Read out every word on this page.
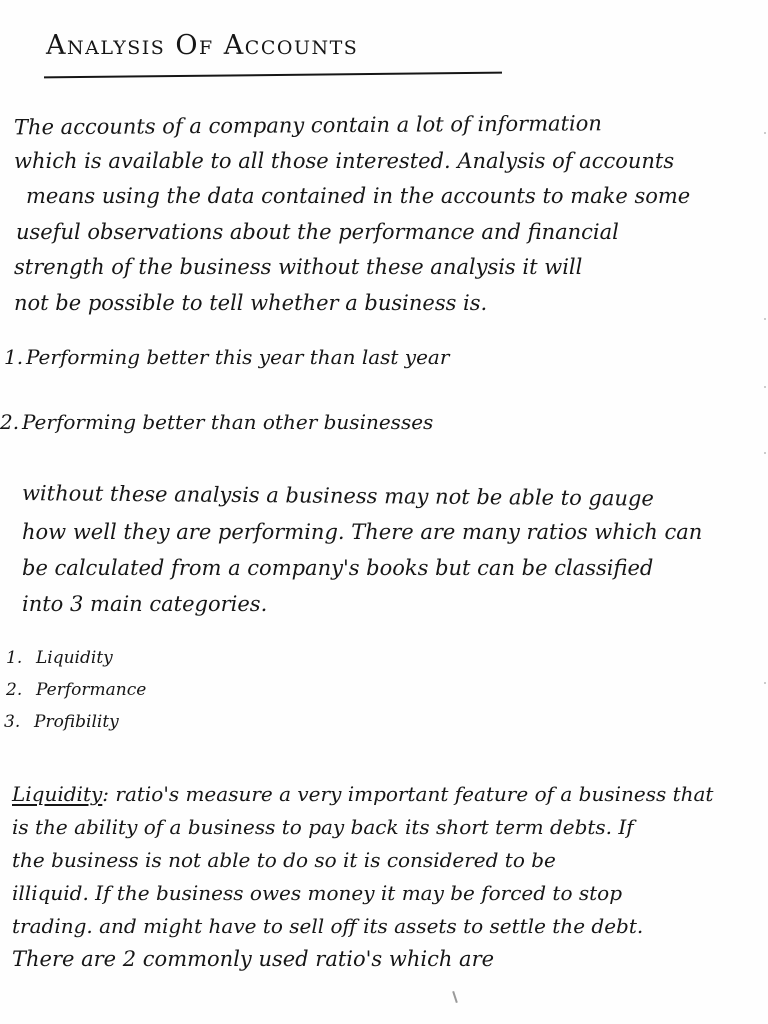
Analysis Of Accounts
The accounts of a company contain a lot of information
which is available to all those interested. Analysis of accounts
means using the data contained in the accounts to make some
useful observations about the performance and financial
strength of the business without these analysis it will
not be possible to tell whether a business is.
1. Performing better this year than last year
2. Performing better than other businesses
without these analysis a business may not be able to gauge
how well they are performing. There are many ratios which can
be calculated from a company's books but can be classified
into 3 main categories.
1. Liquidity
2. Performance
3. Profibility
Liquidity: ratio's measure a very important feature of a business that
is the ability of a business to pay back its short term debts. If
the business is not able to do so it is considered to be
illiquid. If the business owes money it may be forced to stop
trading. and might have to sell off its assets to settle the debt.
There are 2 commonly used ratio's which are
